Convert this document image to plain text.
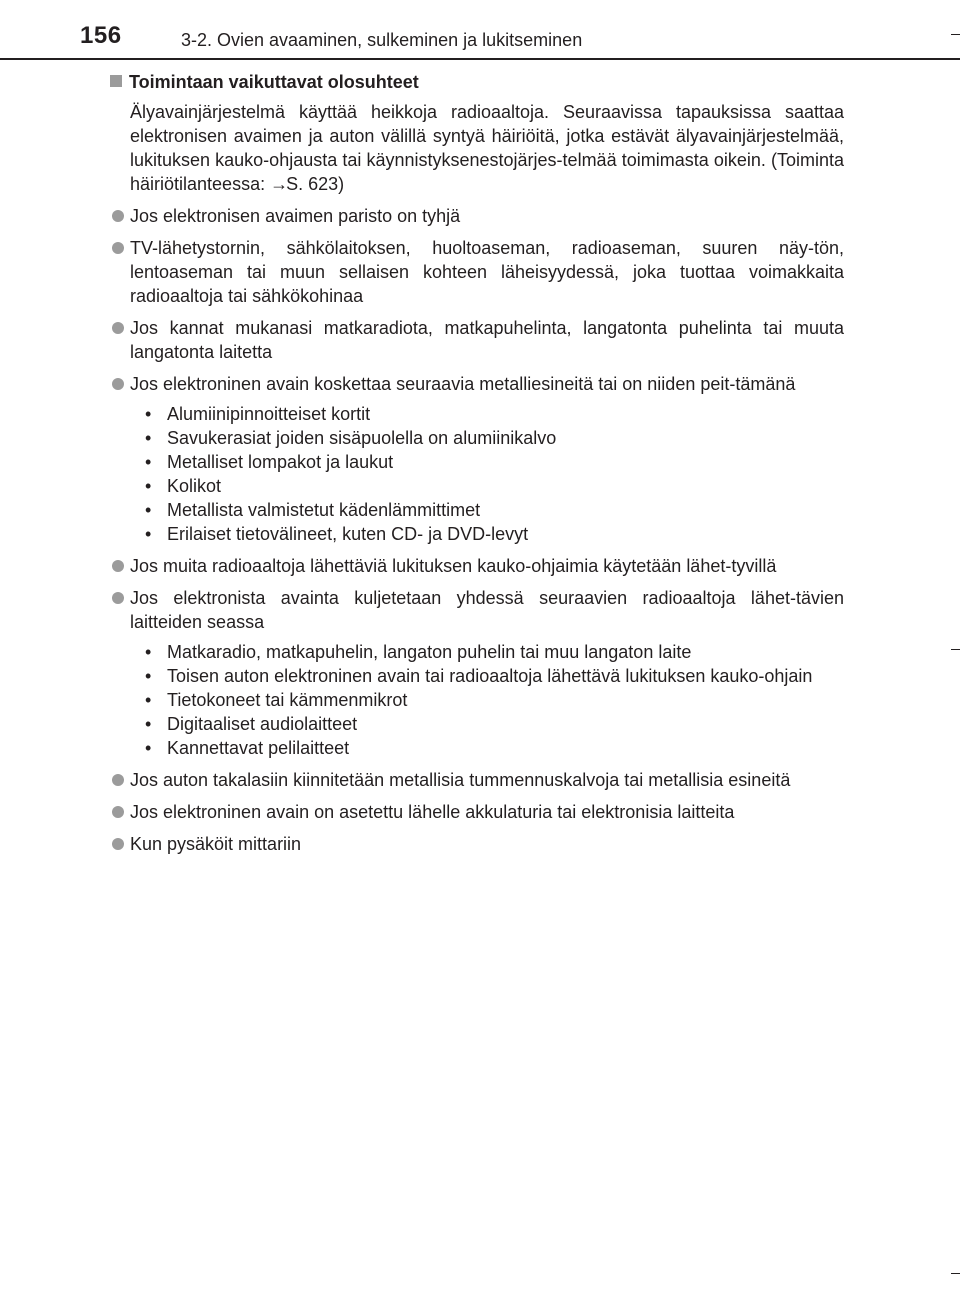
156	3-2. Ovien avaaminen, sulkeminen ja lukitseminen

Toimintaan vaikuttavat olosuhteet

Älyavainjärjestelmä käyttää heikkoja radioaaltoja. Seuraavissa tapauksissa saattaa elektronisen avaimen ja auton välillä syntyä häiriöitä, jotka estävät älyavainjärjestelmää, lukituksen kauko-ohjausta tai käynnistyksenestojärjes-telmää toimimasta oikein. (Toiminta häiriötilanteessa: →S. 623)

Jos elektronisen avaimen paristo on tyhjä
TV-lähetystornin, sähkölaitoksen, huoltoaseman, radioaseman, suuren näy-tön, lentoaseman tai muun sellaisen kohteen läheisyydessä, joka tuottaa voimakkaita radioaaltoja tai sähkökohinaa
Jos kannat mukanasi matkaradiota, matkapuhelinta, langatonta puhelinta tai muuta langatonta laitetta
Jos elektroninen avain koskettaa seuraavia metalliesineitä tai on niiden peit-tämänä
• Alumiinipinnoitteiset kortit
• Savukerasiat joiden sisäpuolella on alumiinikalvo
• Metalliset lompakot ja laukut
• Kolikot
• Metallista valmistetut kädenlämmittimet
• Erilaiset tietovälineet, kuten CD- ja DVD-levyt
Jos muita radioaaltoja lähettäviä lukituksen kauko-ohjaimia käytetään lähet-tyvillä
Jos elektronista avainta kuljetetaan yhdessä seuraavien radioaaltoja lähet-tävien laitteiden seassa
• Matkaradio, matkapuhelin, langaton puhelin tai muu langaton laite
• Toisen auton elektroninen avain tai radioaaltoja lähettävä lukituksen kauko-ohjain
• Tietokoneet tai kämmenmikrot
• Digitaaliset audiolaitteet
• Kannettavat pelilaitteet
Jos auton takalasiin kiinnitetään metallisia tummennuskalvoja tai metallisia esineitä
Jos elektroninen avain on asetettu lähelle akkulaturia tai elektronisia laitteita
Kun pysäköit mittariin
